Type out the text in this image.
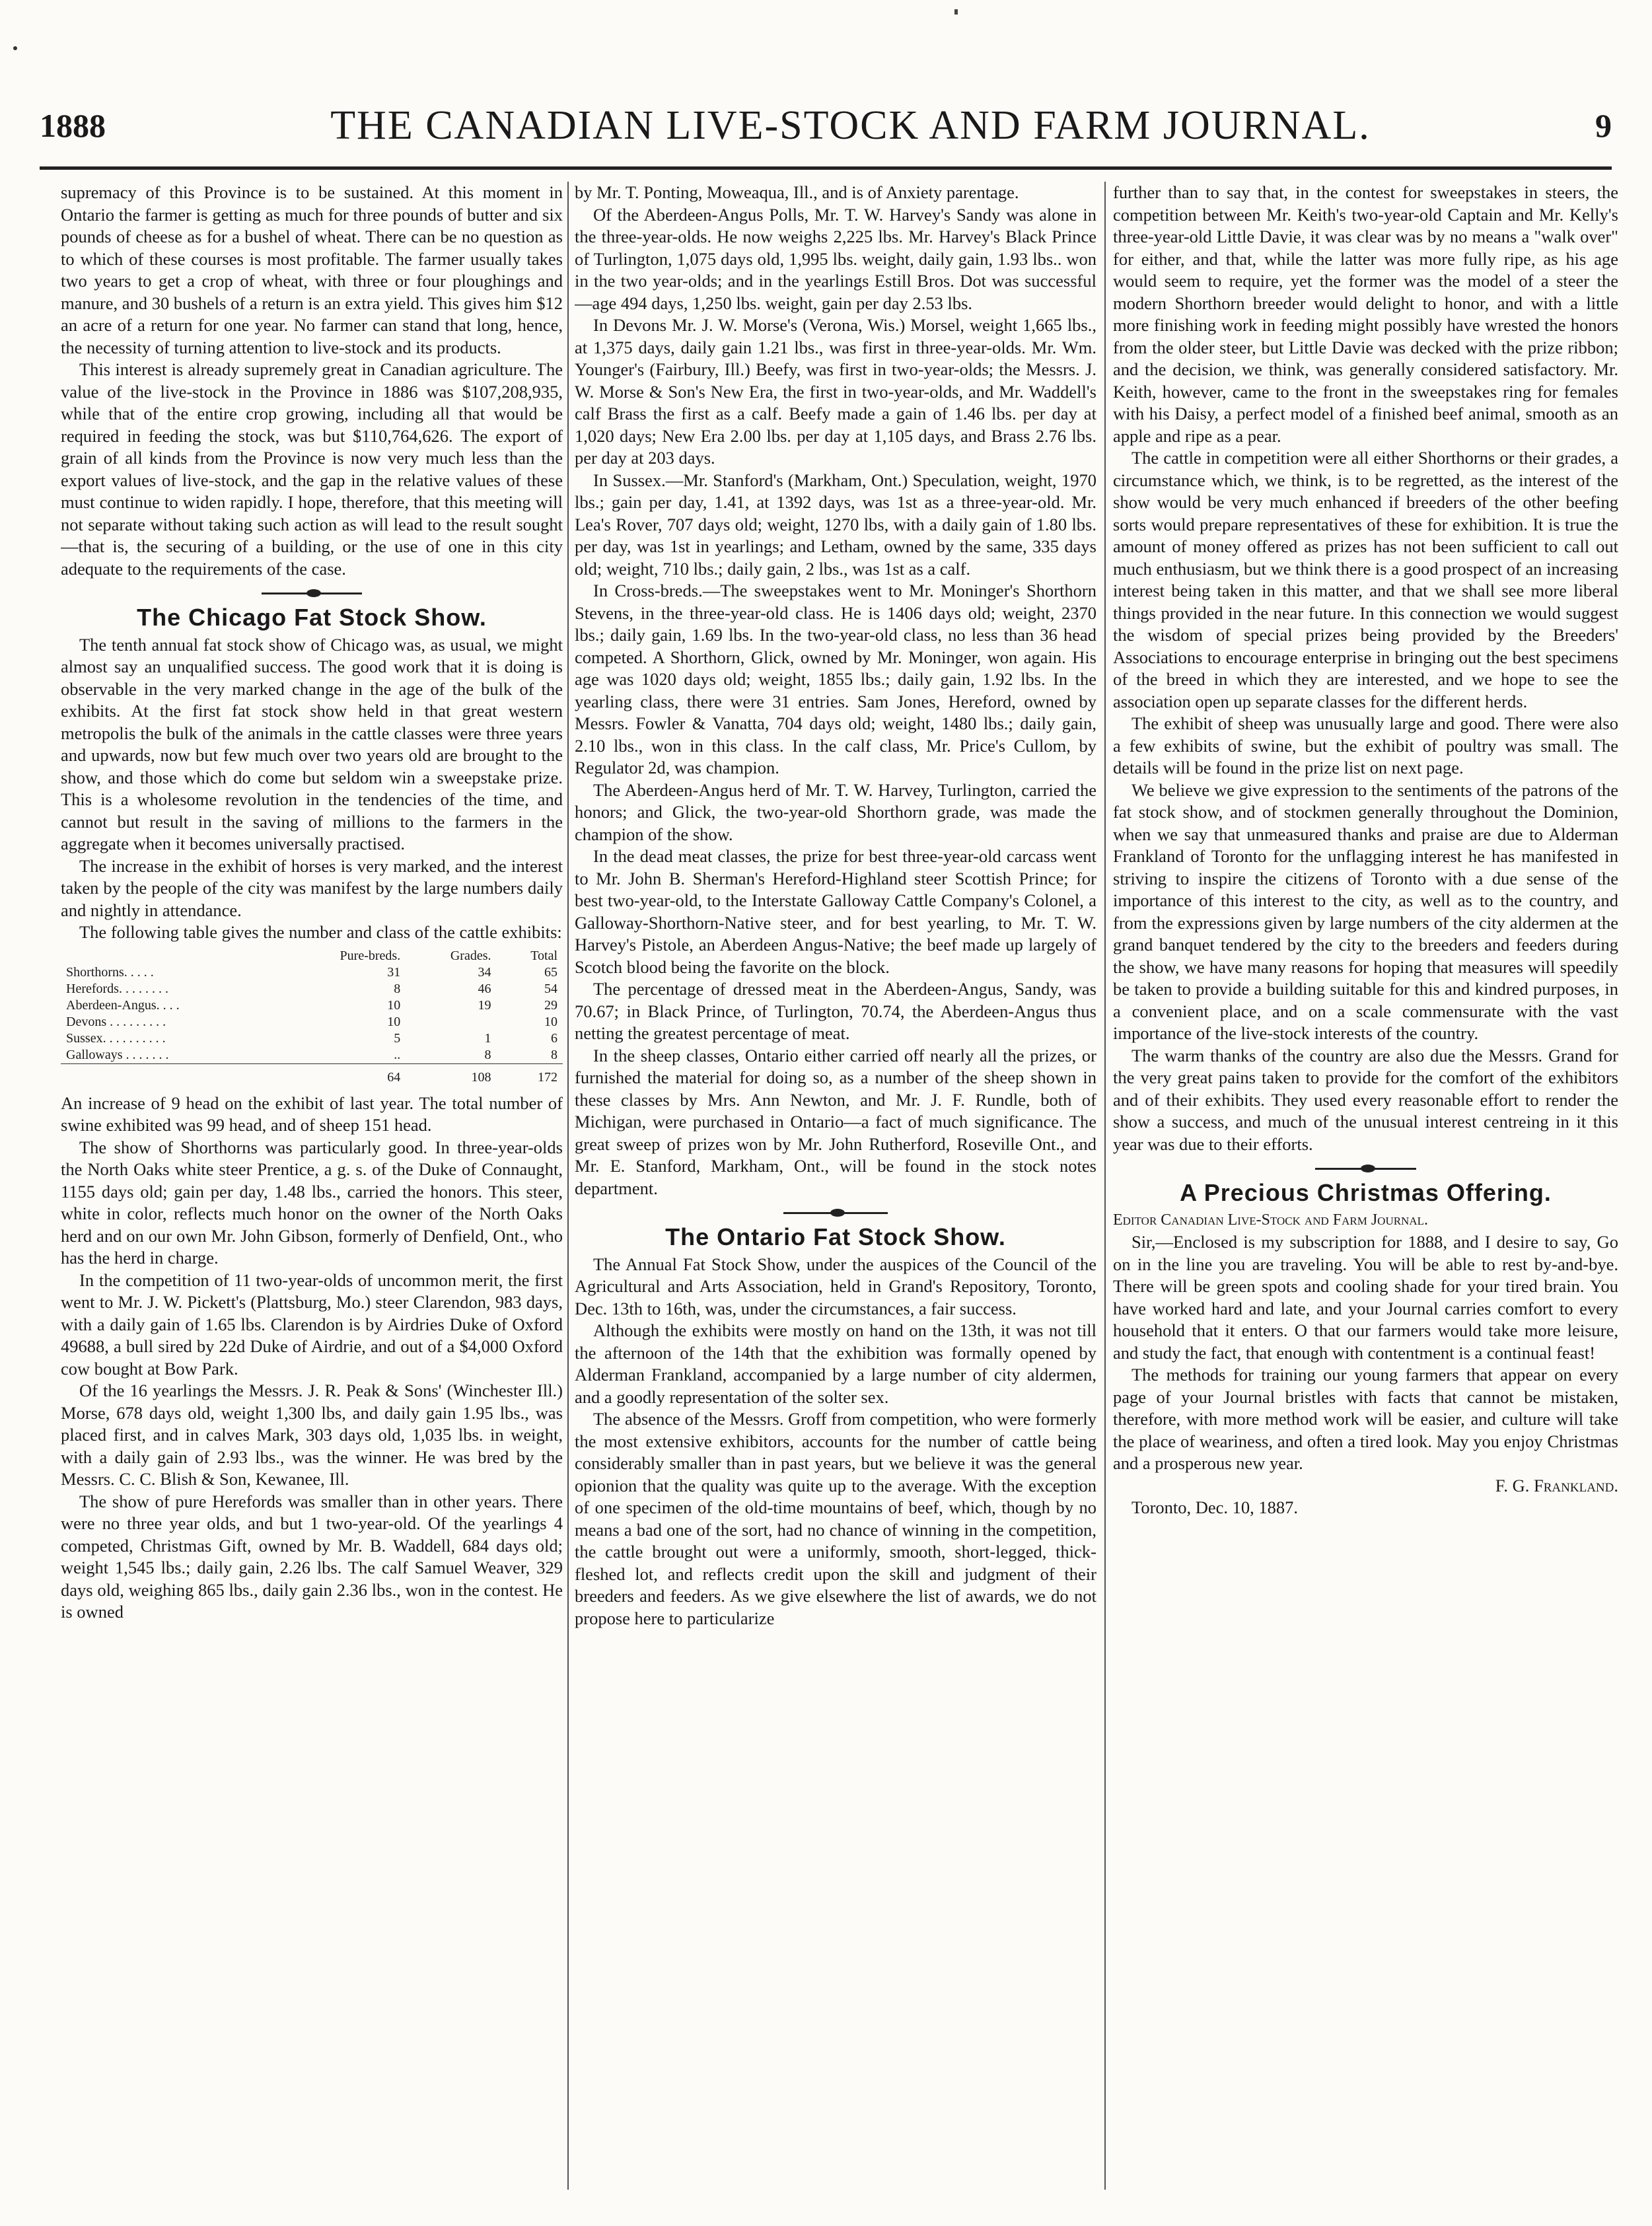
1888	THE CANADIAN LIVE-STOCK AND FARM JOURNAL.	9

supremacy of this Province is to be sustained. At this moment in Ontario the farmer is getting as much for three pounds of butter and six pounds of cheese as for a bushel of wheat. There can be no question as to which of these courses is most profitable. The farmer usually takes two years to get a crop of wheat, with three or four ploughings and manure, and 30 bushels of a return is an extra yield. This gives him $12 an acre of a return for one year. No farmer can stand that long, hence, the necessity of turning attention to live-stock and its products.

This interest is already supremely great in Canadian agriculture. The value of the live-stock in the Province in 1886 was $107,208,935, while that of the entire crop growing, including all that would be required in feeding the stock, was but $110,764,626. The export of grain of all kinds from the Province is now very much less than the export values of live-stock, and the gap in the relative values of these must continue to widen rapidly. I hope, therefore, that this meeting will not separate without taking such action as will lead to the result sought—that is, the securing of a building, or the use of one in this city adequate to the requirements of the case.

The Chicago Fat Stock Show.

The tenth annual fat stock show of Chicago was, as usual, we might almost say an unqualified success. The good work that it is doing is observable in the very marked change in the age of the bulk of the exhibits. At the first fat stock show held in that great western metropolis the bulk of the animals in the cattle classes were three years and upwards, now but few much over two years old are brought to the show, and those which do come but seldom win a sweepstake prize. This is a wholesome revolution in the tendencies of the time, and cannot but result in the saving of millions to the farmers in the aggregate when it becomes universally practised.

The increase in the exhibit of horses is very marked, and the interest taken by the people of the city was manifest by the large numbers daily and nightly in attendance.

The following table gives the number and class of the cattle exhibits:

	Pure-breds.	Grades.	Total
Shorthorns. . . . .	31	34	65
Herefords. . . . . . . .	8	46	54
Aberdeen-Angus. . . .	10	19	29
Devons . . . . . . . . .	10		10
Sussex. . . . . . . . . .	5	1	6
Galloways . . . . . . .	..	8	8
	64	108	172

An increase of 9 head on the exhibit of last year. The total number of swine exhibited was 99 head, and of sheep 151 head.

The show of Shorthorns was particularly good. In three-year-olds the North Oaks white steer Prentice, a g. s. of the Duke of Connaught, 1155 days old; gain per day, 1.48 lbs., carried the honors. This steer, white in color, reflects much honor on the owner of the North Oaks herd and on our own Mr. John Gibson, formerly of Denfield, Ont., who has the herd in charge.

In the competition of 11 two-year-olds of uncommon merit, the first went to Mr. J. W. Pickett's (Plattsburg, Mo.) steer Clarendon, 983 days, with a daily gain of 1.65 lbs. Clarendon is by Airdries Duke of Oxford 49688, a bull sired by 22d Duke of Airdrie, and out of a $4,000 Oxford cow bought at Bow Park.

Of the 16 yearlings the Messrs. J. R. Peak & Sons' (Winchester Ill.) Morse, 678 days old, weight 1,300 lbs, and daily gain 1.95 lbs., was placed first, and in calves Mark, 303 days old, 1,035 lbs. in weight, with a daily gain of 2.93 lbs., was the winner. He was bred by the Messrs. C. C. Blish & Son, Kewanee, Ill.

The show of pure Herefords was smaller than in other years. There were no three year olds, and but 1 two-year-old. Of the yearlings 4 competed, Christmas Gift, owned by Mr. B. Waddell, 684 days old; weight 1,545 lbs.; daily gain, 2.26 lbs. The calf Samuel Weaver, 329 days old, weighing 865 lbs., daily gain 2.36 lbs., won in the contest. He is owned

by Mr. T. Ponting, Moweaqua, Ill., and is of Anxiety parentage.

Of the Aberdeen-Angus Polls, Mr. T. W. Harvey's Sandy was alone in the three-year-olds. He now weighs 2,225 lbs. Mr. Harvey's Black Prince of Turlington, 1,075 days old, 1,995 lbs. weight, daily gain, 1.93 lbs.. won in the two year-olds; and in the yearlings Estill Bros. Dot was successful—age 494 days, 1,250 lbs. weight, gain per day 2.53 lbs.

In Devons Mr. J. W. Morse's (Verona, Wis.) Morsel, weight 1,665 lbs., at 1,375 days, daily gain 1.21 lbs., was first in three-year-olds. Mr. Wm. Younger's (Fairbury, Ill.) Beefy, was first in two-year-olds; the Messrs. J. W. Morse & Son's New Era, the first in two-year-olds, and Mr. Waddell's calf Brass the first as a calf. Beefy made a gain of 1.46 lbs. per day at 1,020 days; New Era 2.00 lbs. per day at 1,105 days, and Brass 2.76 lbs. per day at 203 days.

In Sussex.—Mr. Stanford's (Markham, Ont.) Speculation, weight, 1970 lbs.; gain per day, 1.41, at 1392 days, was 1st as a three-year-old. Mr. Lea's Rover, 707 days old; weight, 1270 lbs, with a daily gain of 1.80 lbs. per day, was 1st in yearlings; and Letham, owned by the same, 335 days old; weight, 710 lbs.; daily gain, 2 lbs., was 1st as a calf.

In Cross-breds.—The sweepstakes went to Mr. Moninger's Shorthorn Stevens, in the three-year-old class. He is 1406 days old; weight, 2370 lbs.; daily gain, 1.69 lbs. In the two-year-old class, no less than 36 head competed. A Shorthorn, Glick, owned by Mr. Moninger, won again. His age was 1020 days old; weight, 1855 lbs.; daily gain, 1.92 lbs. In the yearling class, there were 31 entries. Sam Jones, Hereford, owned by Messrs. Fowler & Vanatta, 704 days old; weight, 1480 lbs.; daily gain, 2.10 lbs., won in this class. In the calf class, Mr. Price's Cullom, by Regulator 2d, was champion.

The Aberdeen-Angus herd of Mr. T. W. Harvey, Turlington, carried the honors; and Glick, the two-year-old Shorthorn grade, was made the champion of the show.

In the dead meat classes, the prize for best three-year-old carcass went to Mr. John B. Sherman's Hereford-Highland steer Scottish Prince; for best two-year-old, to the Interstate Galloway Cattle Company's Colonel, a Galloway-Shorthorn-Native steer, and for best yearling, to Mr. T. W. Harvey's Pistole, an Aberdeen Angus-Native; the beef made up largely of Scotch blood being the favorite on the block.

The percentage of dressed meat in the Aberdeen-Angus, Sandy, was 70.67; in Black Prince, of Turlington, 70.74, the Aberdeen-Angus thus netting the greatest percentage of meat.

In the sheep classes, Ontario either carried off nearly all the prizes, or furnished the material for doing so, as a number of the sheep shown in these classes by Mrs. Ann Newton, and Mr. J. F. Rundle, both of Michigan, were purchased in Ontario—a fact of much significance. The great sweep of prizes won by Mr. John Rutherford, Roseville Ont., and Mr. E. Stanford, Markham, Ont., will be found in the stock notes department.

The Ontario Fat Stock Show.

The Annual Fat Stock Show, under the auspices of the Council of the Agricultural and Arts Association, held in Grand's Repository, Toronto, Dec. 13th to 16th, was, under the circumstances, a fair success.

Although the exhibits were mostly on hand on the 13th, it was not till the afternoon of the 14th that the exhibition was formally opened by Alderman Frankland, accompanied by a large number of city aldermen, and a goodly representation of the solter sex.

The absence of the Messrs. Groff from competition, who were formerly the most extensive exhibitors, accounts for the number of cattle being considerably smaller than in past years, but we believe it was the general opionion that the quality was quite up to the average. With the exception of one specimen of the old-time mountains of beef, which, though by no means a bad one of the sort, had no chance of winning in the competition, the cattle brought out were a uniformly, smooth, short-legged, thick-fleshed lot, and reflects credit upon the skill and judgment of their breeders and feeders. As we give elsewhere the list of awards, we do not propose here to particularize

further than to say that, in the contest for sweepstakes in steers, the competition between Mr. Keith's two-year-old Captain and Mr. Kelly's three-year-old Little Davie, it was clear was by no means a "walk over" for either, and that, while the latter was more fully ripe, as his age would seem to require, yet the former was the model of a steer the modern Shorthorn breeder would delight to honor, and with a little more finishing work in feeding might possibly have wrested the honors from the older steer, but Little Davie was decked with the prize ribbon; and the decision, we think, was generally considered satisfactory. Mr. Keith, however, came to the front in the sweepstakes ring for females with his Daisy, a perfect model of a finished beef animal, smooth as an apple and ripe as a pear.

The cattle in competition were all either Shorthorns or their grades, a circumstance which, we think, is to be regretted, as the interest of the show would be very much enhanced if breeders of the other beefing sorts would prepare representatives of these for exhibition. It is true the amount of money offered as prizes has not been sufficient to call out much enthusiasm, but we think there is a good prospect of an increasing interest being taken in this matter, and that we shall see more liberal things provided in the near future. In this connection we would suggest the wisdom of special prizes being provided by the Breeders' Associations to encourage enterprise in bringing out the best specimens of the breed in which they are interested, and we hope to see the association open up separate classes for the different herds.

The exhibit of sheep was unusually large and good. There were also a few exhibits of swine, but the exhibit of poultry was small. The details will be found in the prize list on next page.

We believe we give expression to the sentiments of the patrons of the fat stock show, and of stockmen generally throughout the Dominion, when we say that unmeasured thanks and praise are due to Alderman Frankland of Toronto for the unflagging interest he has manifested in striving to inspire the citizens of Toronto with a due sense of the importance of this interest to the city, as well as to the country, and from the expressions given by large numbers of the city aldermen at the grand banquet tendered by the city to the breeders and feeders during the show, we have many reasons for hoping that measures will speedily be taken to provide a building suitable for this and kindred purposes, in a convenient place, and on a scale commensurate with the vast importance of the live-stock interests of the country.

The warm thanks of the country are also due the Messrs. Grand for the very great pains taken to provide for the comfort of the exhibitors and of their exhibits. They used every reasonable effort to render the show a success, and much of the unusual interest centreing in it this year was due to their efforts.

A Precious Christmas Offering.

Editor Canadian Live-Stock and Farm Journal.

Sir,—Enclosed is my subscription for 1888, and I desire to say, Go on in the line you are traveling. You will be able to rest by-and-bye. There will be green spots and cooling shade for your tired brain. You have worked hard and late, and your Journal carries comfort to every household that it enters. O that our farmers would take more leisure, and study the fact, that enough with contentment is a continual feast!

The methods for training our young farmers that appear on every page of your Journal bristles with facts that cannot be mistaken, therefore, with more method work will be easier, and culture will take the place of weariness, and often a tired look. May you enjoy Christmas and a prosperous new year.

F. G. Frankland.

Toronto, Dec. 10, 1887.
